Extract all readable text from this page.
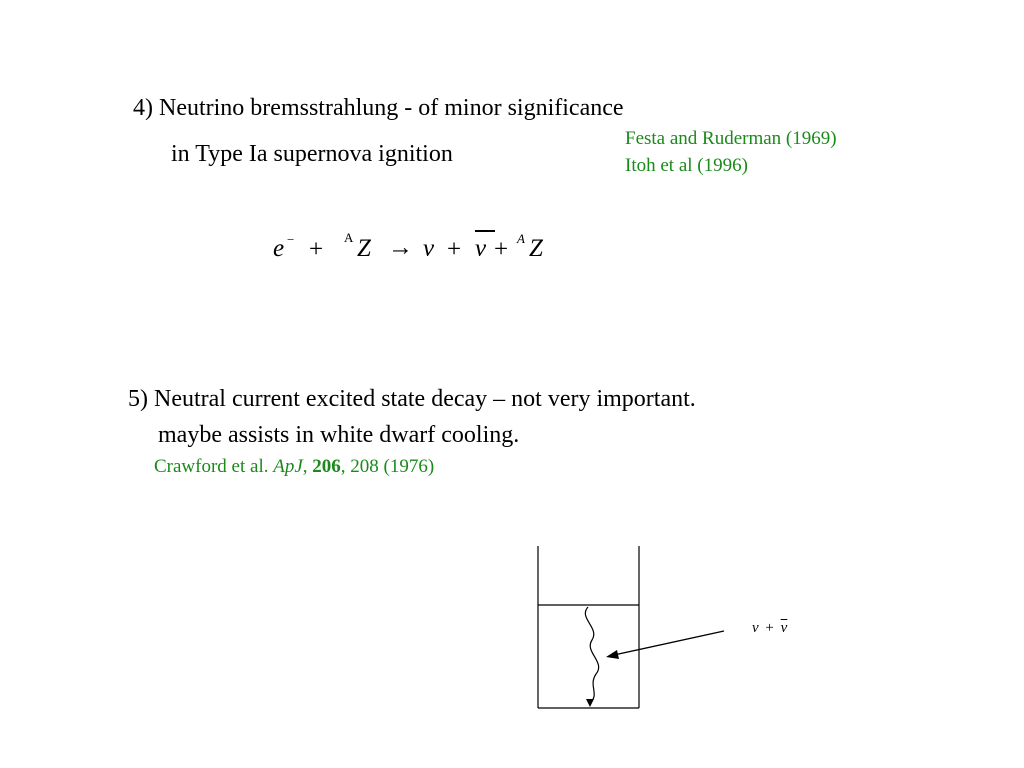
4) Neutrino bremsstrahlung - of minor significance
in Type Ia supernova ignition
Festa and Ruderman (1969)
Itoh et al (1996)
e − + A Z → ν + ν + A Z
5) Neutral current excited state decay – not very important.
maybe assists in white dwarf cooling.
Crawford et al. ApJ, 206, 208 (1976)
$\nu + \overline{\nu}$
